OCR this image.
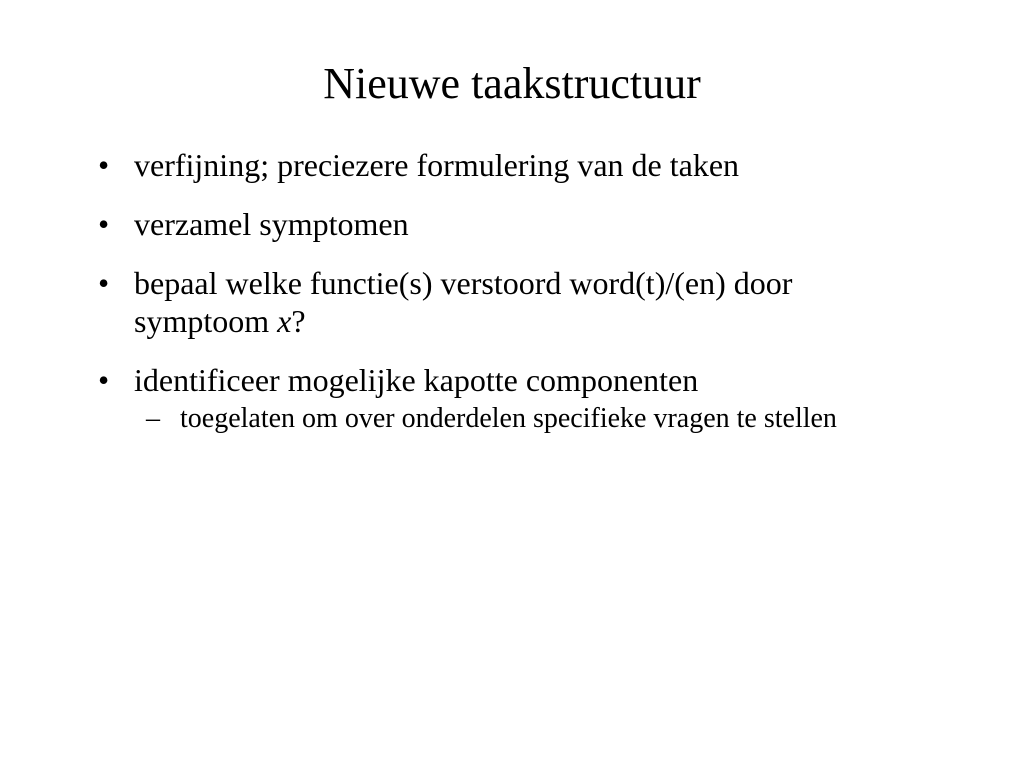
Nieuwe taakstructuur
• verfijning; preciezere formulering van de taken
• verzamel symptomen
• bepaal welke functie(s) verstoord word(t)/(en) door symptoom x?
• identificeer mogelijke kapotte componenten
– toegelaten om over onderdelen specifieke vragen te stellen
